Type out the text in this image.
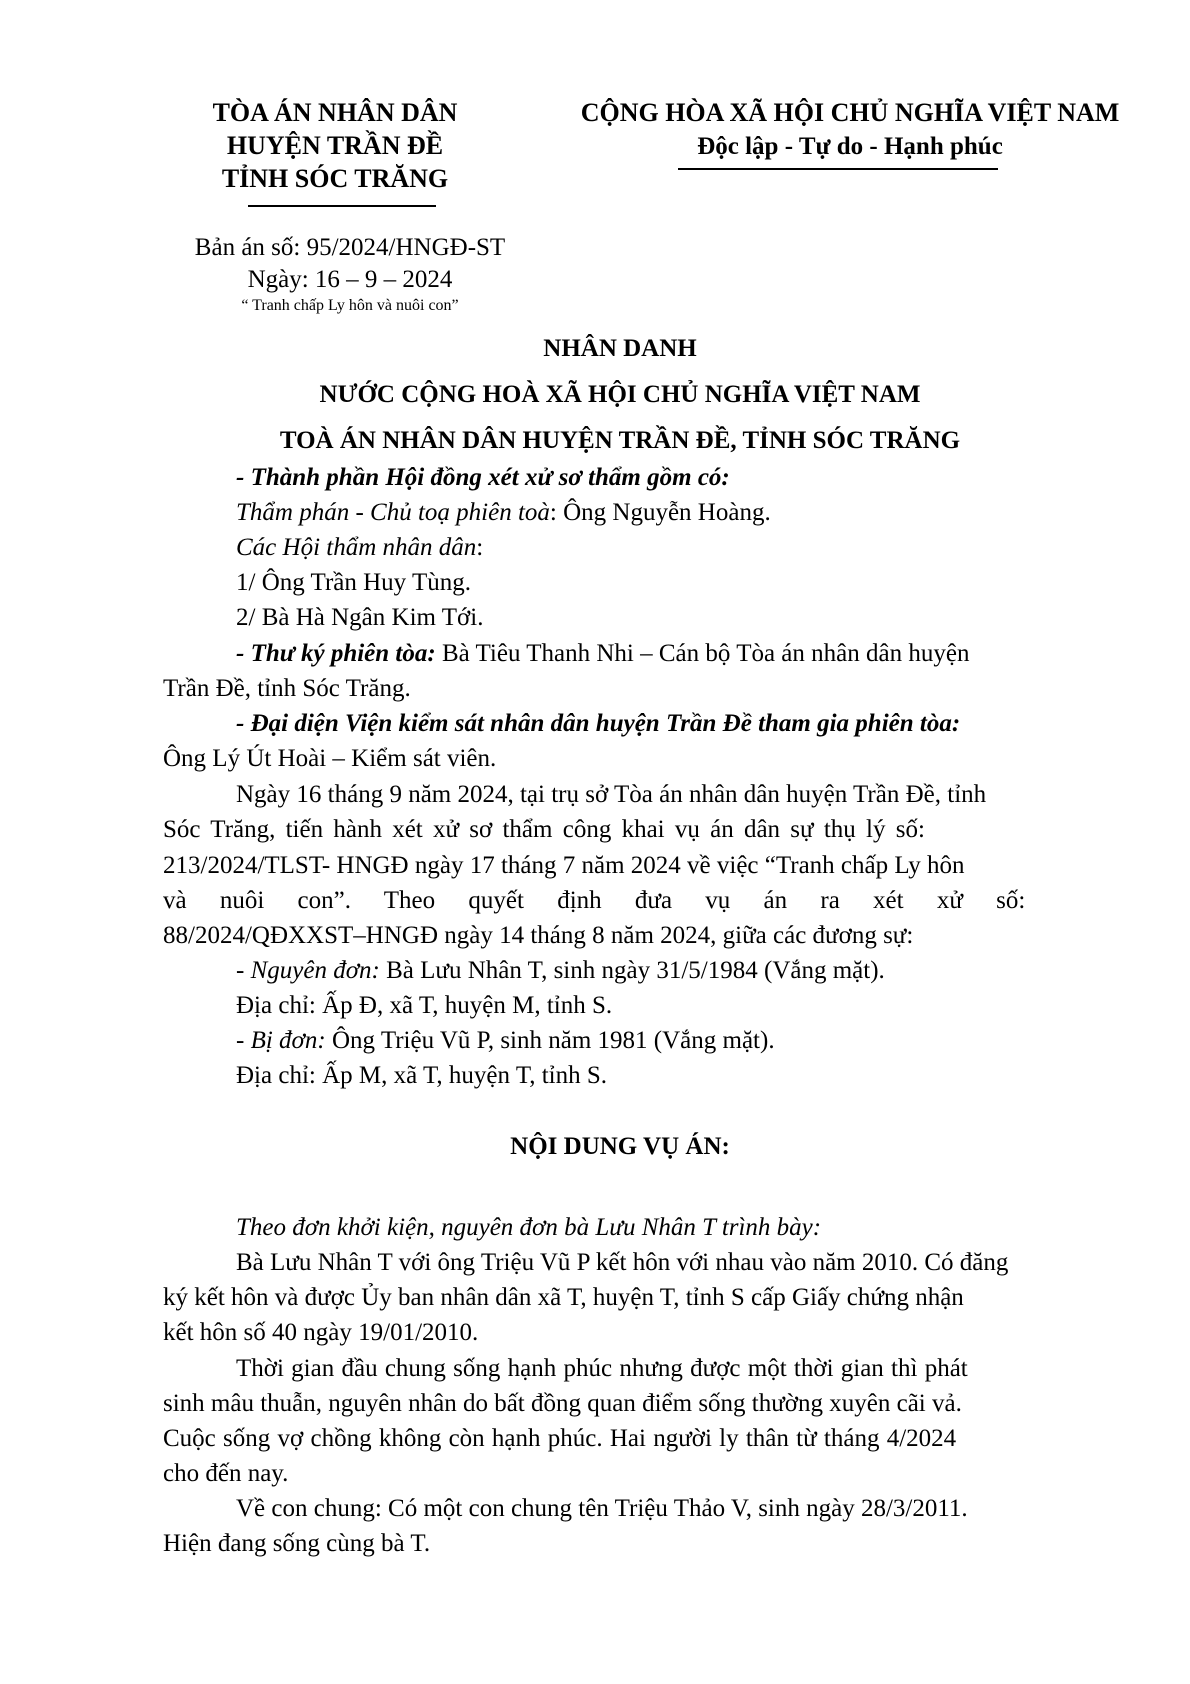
TÒA ÁN NHÂN DÂN
HUYỆN TRẦN ĐỀ
TỈNH SÓC TRĂNG
CỘNG HÒA XÃ HỘI CHỦ NGHĨA VIỆT NAM
Độc lập - Tự do - Hạnh phúc
Bản án số: 95/2024/HNGĐ-ST
Ngày: 16 – 9 – 2024
“ Tranh chấp Ly hôn và nuôi con”
NHÂN DANH
NƯỚC CỘNG HOÀ XÃ HỘI CHỦ NGHĨA VIỆT NAM
TOÀ ÁN NHÂN DÂN HUYỆN TRẦN ĐỀ, TỈNH SÓC TRĂNG
- Thành phần Hội đồng xét xử sơ thẩm gồm có:
Thẩm phán - Chủ toạ phiên toà: Ông Nguyễn Hoàng.
Các Hội thẩm nhân dân:
1/ Ông Trần Huy Tùng.
2/ Bà Hà Ngân Kim Tới.
- Thư ký phiên tòa: Bà Tiêu Thanh Nhi – Cán bộ Tòa án nhân dân huyện
Trần Đề, tỉnh Sóc Trăng.
- Đại diện Viện kiểm sát nhân dân huyện Trần Đề tham gia phiên tòa:
Ông Lý Út Hoài – Kiểm sát viên.
Ngày 16 tháng 9 năm 2024, tại trụ sở Tòa án nhân dân huyện Trần Đề, tỉnh
Sóc Trăng, tiến hành xét xử sơ thẩm công khai vụ án dân sự thụ lý số:
213/2024/TLST- HNGĐ ngày 17 tháng 7 năm 2024 về việc “Tranh chấp Ly hôn
và nuôi con”. Theo quyết định đưa vụ án ra xét xử số:
88/2024/QĐXXST–HNGĐ ngày 14 tháng 8 năm 2024, giữa các đương sự:
- Nguyên đơn: Bà Lưu Nhân T, sinh ngày 31/5/1984 (Vắng mặt).
Địa chỉ: Ấp Đ, xã T, huyện M, tỉnh S.
- Bị đơn: Ông Triệu Vũ P, sinh năm 1981 (Vắng mặt).
Địa chỉ: Ấp M, xã T, huyện T, tỉnh S.
NỘI DUNG VỤ ÁN:
Theo đơn khởi kiện, nguyên đơn bà Lưu Nhân T trình bày:
Bà Lưu Nhân T với ông Triệu Vũ P kết hôn với nhau vào năm 2010. Có đăng
ký kết hôn và được Ủy ban nhân dân xã T, huyện T, tỉnh S cấp Giấy chứng nhận
kết hôn số 40 ngày 19/01/2010.
Thời gian đầu chung sống hạnh phúc nhưng được một thời gian thì phát
sinh mâu thuẫn, nguyên nhân do bất đồng quan điểm sống thường xuyên cãi vả.
Cuộc sống vợ chồng không còn hạnh phúc. Hai người ly thân từ tháng 4/2024
cho đến nay.
Về con chung: Có một con chung tên Triệu Thảo V, sinh ngày 28/3/2011.
Hiện đang sống cùng bà T.
